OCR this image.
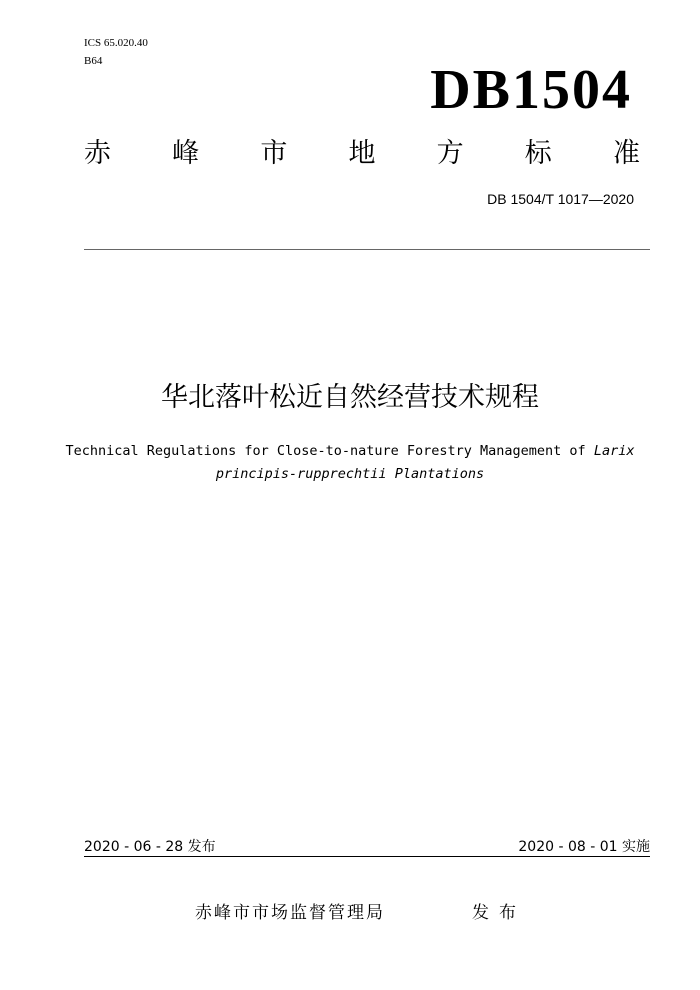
ICS 65.020.40
B64	DB1504
赤 峰 市 地 方 标 准
DB 1504/T 1017—2020
华北落叶松近自然经营技术规程
Technical Regulations for Close-to-nature Forestry Management of Larix principis-rupprechtii Plantations
2020 - 06 - 28 发布	2020 - 08 - 01 实施
赤峰市市场监督管理局	发布
